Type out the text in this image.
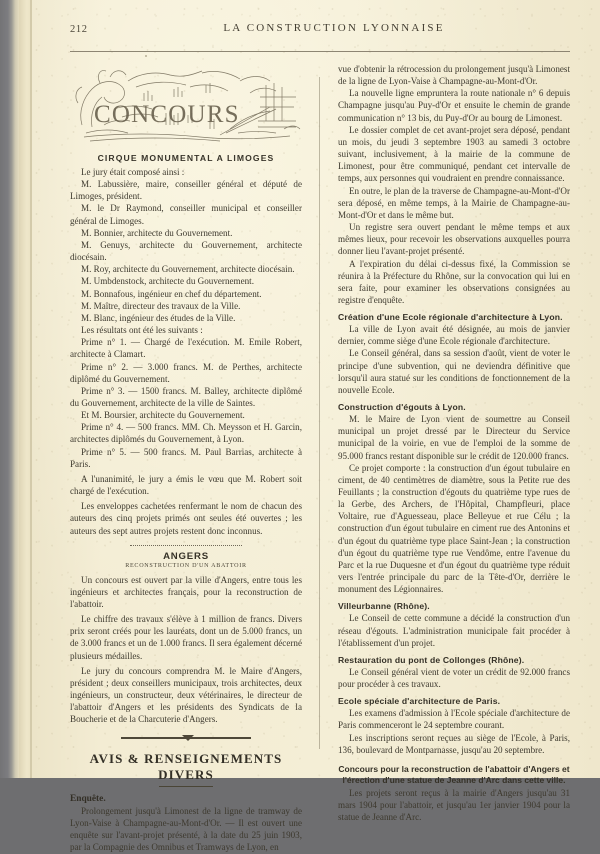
212	LA CONSTRUCTION LYONNAISE
CONCOURS
CIRQUE MONUMENTAL A LIMOGES

Le jury était composé ainsi :

M. Labussière, maire, conseiller général et député de Limoges, président.

M. le Dr Raymond, conseiller municipal et conseiller général de Limoges.

M. Bonnier, architecte du Gouvernement.

M. Genuys, architecte du Gouvernement, architecte diocésain.

M. Roy, architecte du Gouvernement, architecte diocésain.

M. Umbdenstock, architecte du Gouvernement.

M. Bonnafous, ingénieur en chef du département.

M. Maître, directeur des travaux de la Ville.

M. Blanc, ingénieur des études de la Ville.

Les résultats ont été les suivants :

Prime n° 1. — Chargé de l'exécution. M. Emile Robert, architecte à Clamart.

Prime n° 2. — 3.000 francs. M. de Perthes, architecte diplômé du Gouvernement.

Prime n° 3. — 1500 francs. M. Balley, architecte diplômé du Gouvernement, architecte de la ville de Saintes.

Et M. Boursier, architecte du Gouvernement.

Prime n° 4. — 500 francs. MM. Ch. Meysson et H. Garcin, architectes diplômés du Gouvernement, à Lyon.

Prime n° 5. — 500 francs. M. Paul Barrias, architecte à Paris.

A l'unanimité, le jury a émis le vœu que M. Robert soit chargé de l'exécution.

Les enveloppes cachetées renfermant le nom de chacun des auteurs des cinq projets primés ont seules été ouvertes ; les auteurs des sept autres projets restent donc inconnus.

ANGERS
RECONSTRUCTION D'UN ABATTOIR

Un concours est ouvert par la ville d'Angers, entre tous les ingénieurs et architectes français, pour la reconstruction de l'abattoir.

Le chiffre des travaux s'élève à 1 million de francs. Divers prix seront créés pour les lauréats, dont un de 5.000 francs, un de 3.000 francs et un de 1.000 francs. Il sera également décerné plusieurs médailles.

Le jury du concours comprendra M. le Maire d'Angers, président ; deux conseillers municipaux, trois architectes, deux ingénieurs, un constructeur, deux vétérinaires, le directeur de l'abattoir d'Angers et les présidents des Syndicats de la Boucherie et de la Charcuterie d'Angers.

AVIS & RENSEIGNEMENTS DIVERS
Enquête.

Prolongement jusqu'à Limonest de la ligne de tramway de Lyon-Vaise à Champagne-au-Mont-d'Or. — Il est ouvert une enquête sur l'avant-projet présenté, à la date du 25 juin 1903, par la Compagnie des Omnibus et Tramways de Lyon, en

vue d'obtenir la rétrocession du prolongement jusqu'à Limonest de la ligne de Lyon-Vaise à Champagne-au-Mont-d'Or.

La nouvelle ligne empruntera la route nationale n° 6 depuis Champagne jusqu'au Puy-d'Or et ensuite le chemin de grande communication n° 13 bis, du Puy-d'Or au bourg de Limonest.

Le dossier complet de cet avant-projet sera déposé, pendant un mois, du jeudi 3 septembre 1903 au samedi 3 octobre suivant, inclusivement, à la mairie de la commune de Limonest, pour être communiqué, pendant cet intervalle de temps, aux personnes qui voudraient en prendre connaissance.

En outre, le plan de la traverse de Champagne-au-Mont-d'Or sera déposé, en même temps, à la Mairie de Champagne-au-Mont-d'Or et dans le même but.

Un registre sera ouvert pendant le même temps et aux mêmes lieux, pour recevoir les observations auxquelles pourra donner lieu l'avant-projet présenté.

A l'expiration du délai ci-dessus fixé, la Commission se réunira à la Préfecture du Rhône, sur la convocation qui lui en sera faite, pour examiner les observations consignées au registre d'enquête.

Création d'une Ecole régionale d'architecture à Lyon.

La ville de Lyon avait été désignée, au mois de janvier dernier, comme siège d'une Ecole régionale d'architecture.

Le Conseil général, dans sa session d'août, vient de voter le principe d'une subvention, qui ne deviendra définitive que lorsqu'il aura statué sur les conditions de fonctionnement de la nouvelle Ecole.

Construction d'égouts à Lyon.

M. le Maire de Lyon vient de soumettre au Conseil municipal un projet dressé par le Directeur du Service municipal de la voirie, en vue de l'emploi de la somme de 95.000 francs restant disponible sur le crédit de 120.000 francs.

Ce projet comporte : la construction d'un égout tubulaire en ciment, de 40 centimètres de diamètre, sous la Petite rue des Feuillants ; la construction d'égouts du quatrième type rues de la Gerbe, des Archers, de l'Hôpital, Champfleuri, place Voltaire, rue d'Aguesseau, place Bellevue et rue Célu ; la construction d'un égout tubulaire en ciment rue des Antonins et d'un égout du quatrième type place Saint-Jean ; la construction d'un égout du quatrième type rue Vendôme, entre l'avenue du Parc et la rue Duquesne et d'un égout du quatrième type réduit vers l'entrée principale du parc de la Tête-d'Or, derrière le monument des Légionnaires.

Villeurbanne (Rhône).

Le Conseil de cette commune a décidé la construction d'un réseau d'égouts. L'administration municipale fait procéder à l'établissement d'un projet.

Restauration du pont de Collonges (Rhône).

Le Conseil général vient de voter un crédit de 92.000 francs pour procéder à ces travaux.

Ecole spéciale d'architecture de Paris.

Les examens d'admission à l'Ecole spéciale d'architecture de Paris commenceront le 24 septembre courant.

Les inscriptions seront reçues au siège de l'Ecole, à Paris, 136, boulevard de Montparnasse, jusqu'au 20 septembre.

Concours pour la reconstruction de l'abattoir d'Angers et l'érection d'une statue de Jeanne d'Arc dans cette ville.

Les projets seront reçus à la mairie d'Angers jusqu'au 31 mars 1904 pour l'abattoir, et jusqu'au 1er janvier 1904 pour la statue de Jeanne d'Arc.
